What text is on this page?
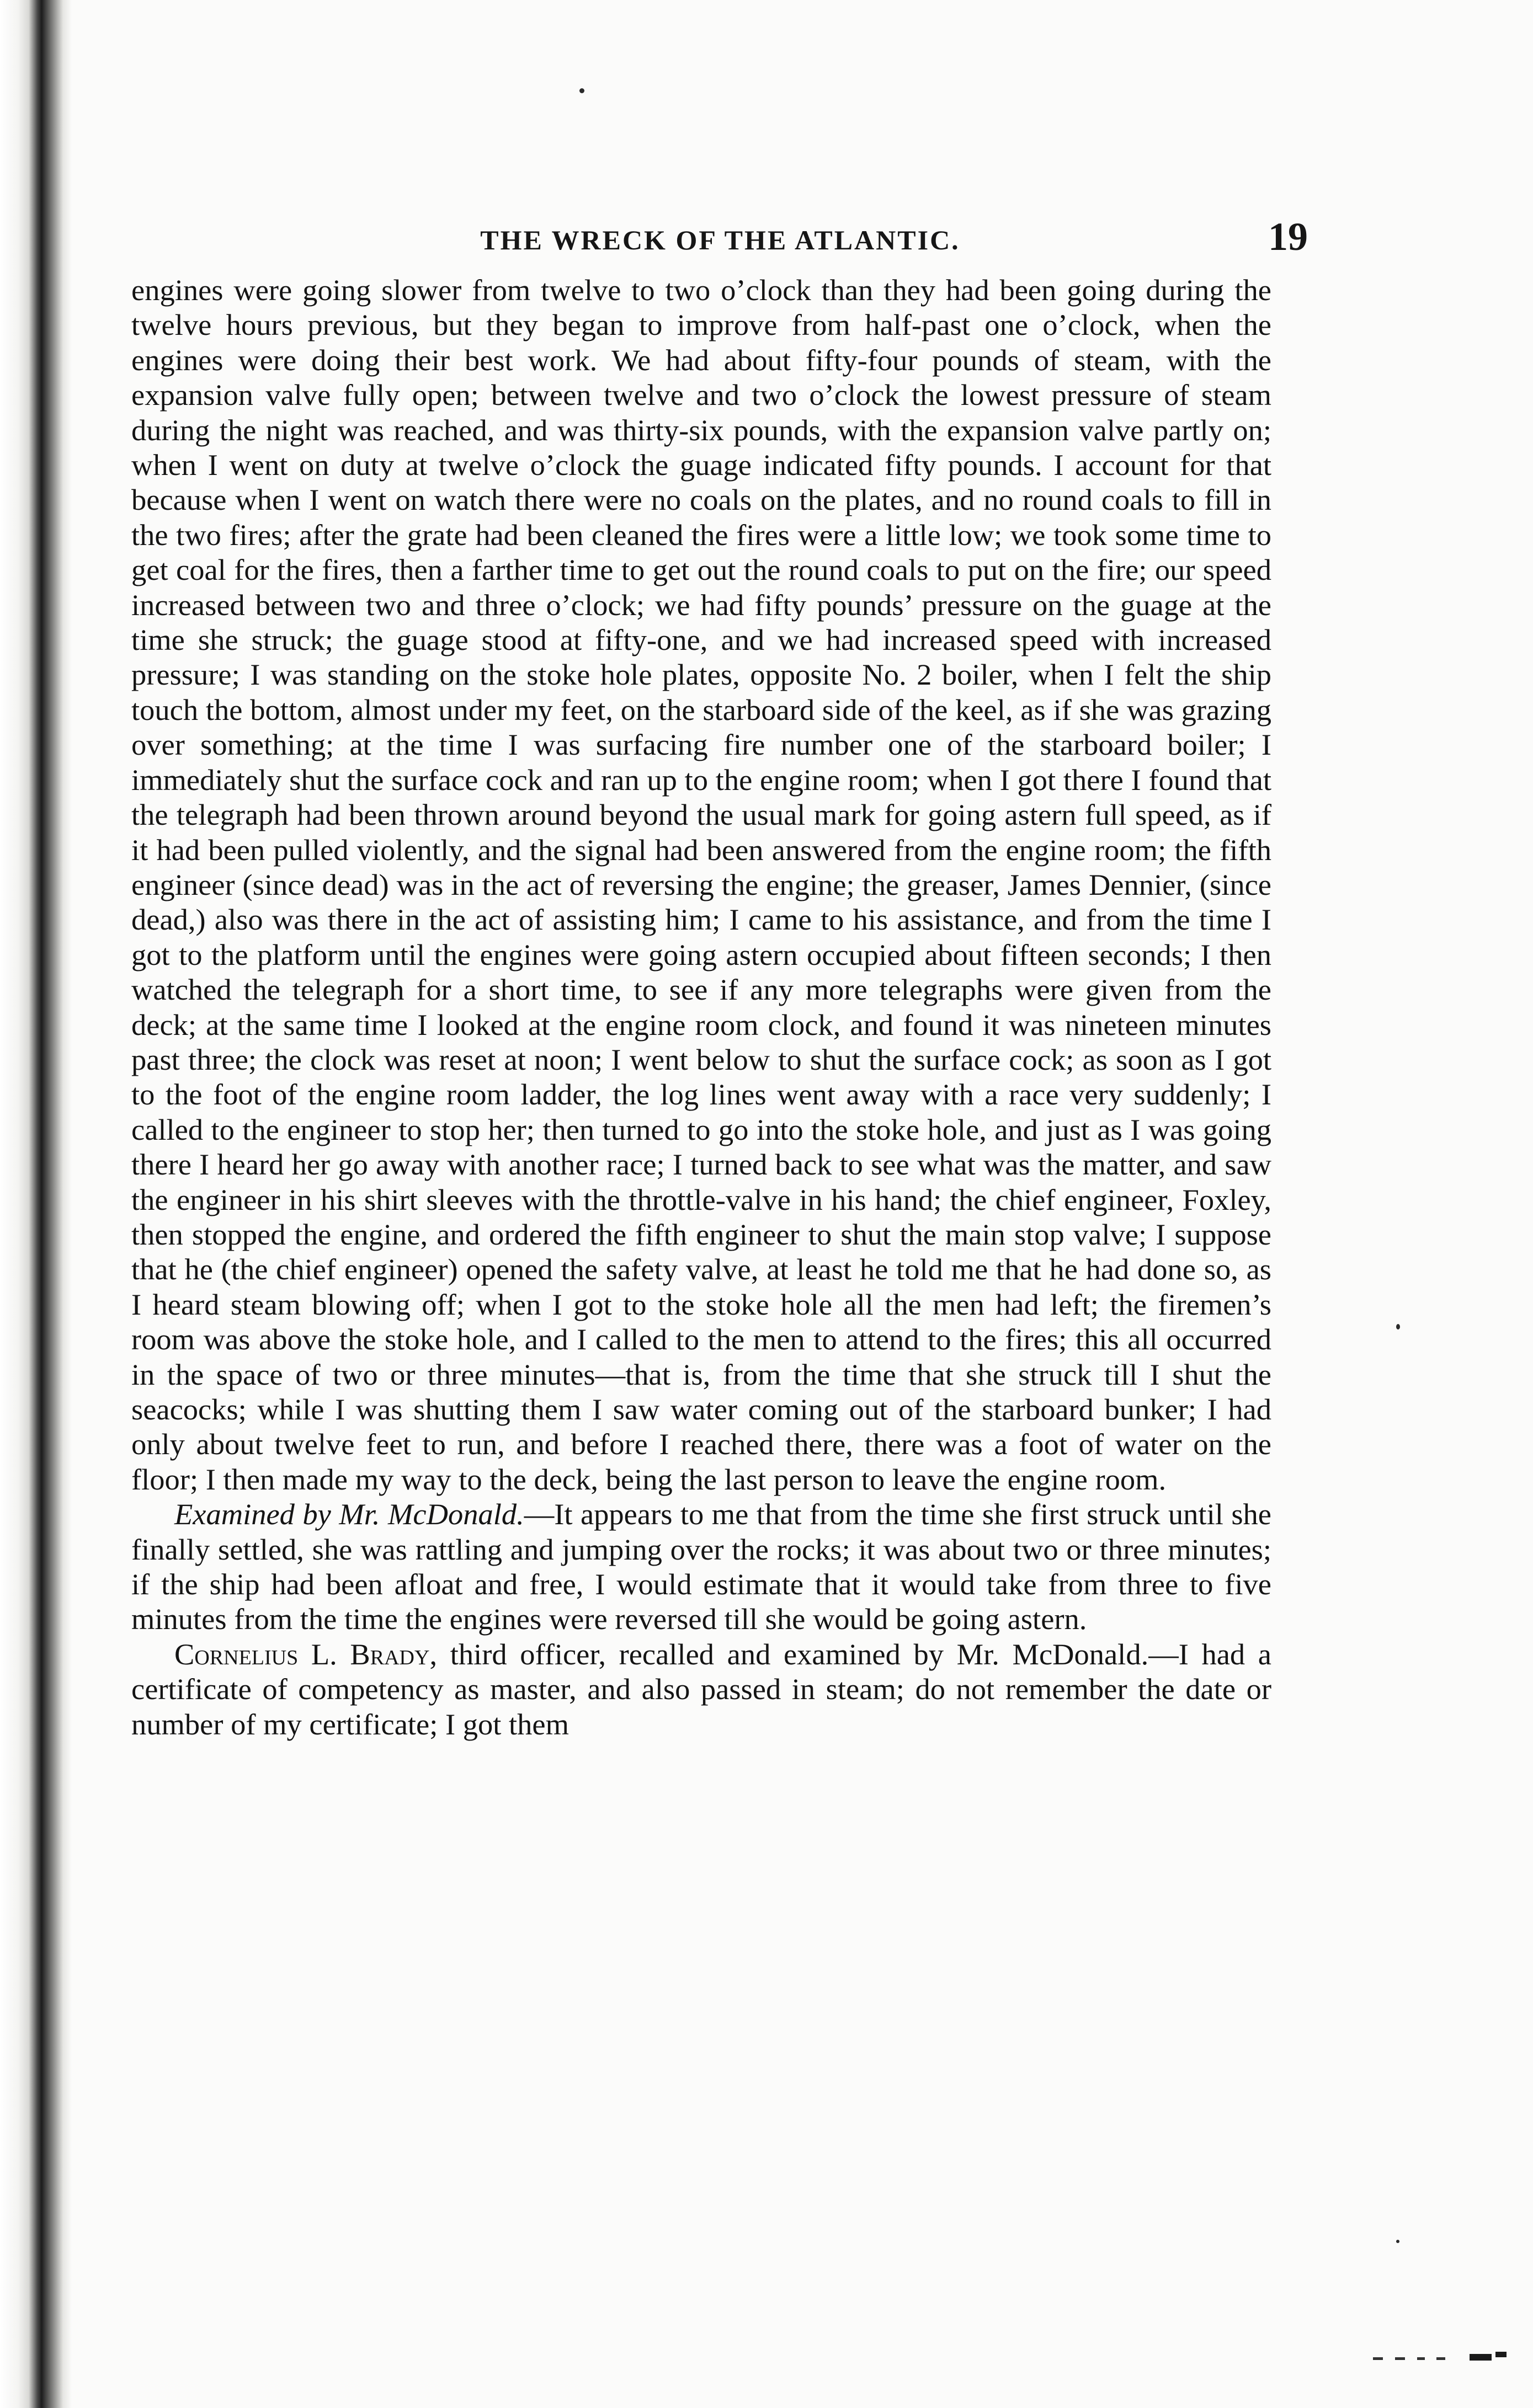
THE WRECK OF THE ATLANTIC.	19

engines were going slower from twelve to two o’clock than they had been going during the twelve hours previous, but they began to improve from half-past one o’clock, when the engines were doing their best work. We had about fifty-four pounds of steam, with the expansion valve fully open; between twelve and two o’clock the lowest pressure of steam during the night was reached, and was thirty-six pounds, with the expansion valve partly on; when I went on duty at twelve o’clock the guage indicated fifty pounds. I account for that because when I went on watch there were no coals on the plates, and no round coals to fill in the two fires; after the grate had been cleaned the fires were a little low; we took some time to get coal for the fires, then a farther time to get out the round coals to put on the fire; our speed increased between two and three o’clock; we had fifty pounds’ pressure on the guage at the time she struck; the guage stood at fifty-one, and we had increased speed with increased pressure; I was standing on the stoke hole plates, opposite No. 2 boiler, when I felt the ship touch the bottom, almost under my feet, on the starboard side of the keel, as if she was grazing over something; at the time I was surfacing fire number one of the starboard boiler; I immediately shut the surface cock and ran up to the engine room; when I got there I found that the telegraph had been thrown around beyond the usual mark for going astern full speed, as if it had been pulled violently, and the signal had been answered from the engine room; the fifth engineer (since dead) was in the act of reversing the engine; the greaser, James Dennier, (since dead,) also was there in the act of assisting him; I came to his assistance, and from the time I got to the platform until the engines were going astern occupied about fifteen seconds; I then watched the telegraph for a short time, to see if any more telegraphs were given from the deck; at the same time I looked at the engine room clock, and found it was nineteen minutes past three; the clock was reset at noon; I went below to shut the surface cock; as soon as I got to the foot of the engine room ladder, the log lines went away with a race very suddenly; I called to the engineer to stop her; then turned to go into the stoke hole, and just as I was going there I heard her go away with another race; I turned back to see what was the matter, and saw the engineer in his shirt sleeves with the throttle-valve in his hand; the chief engineer, Foxley, then stopped the engine, and ordered the fifth engineer to shut the main stop valve; I suppose that he (the chief engineer) opened the safety valve, at least he told me that he had done so, as I heard steam blowing off; when I got to the stoke hole all the men had left; the firemen’s room was above the stoke hole, and I called to the men to attend to the fires; this all occurred in the space of two or three minutes—that is, from the time that she struck till I shut the seacocks; while I was shutting them I saw water coming out of the starboard bunker; I had only about twelve feet to run, and before I reached there, there was a foot of water on the floor; I then made my way to the deck, being the last person to leave the engine room.

Examined by Mr. McDonald.—It appears to me that from the time she first struck until she finally settled, she was rattling and jumping over the rocks; it was about two or three minutes; if the ship had been afloat and free, I would estimate that it would take from three to five minutes from the time the engines were reversed till she would be going astern.

Cornelius L. Brady, third officer, recalled and examined by Mr. McDonald.—I had a certificate of competency as master, and also passed in steam; do not remember the date or number of my certificate; I got them
